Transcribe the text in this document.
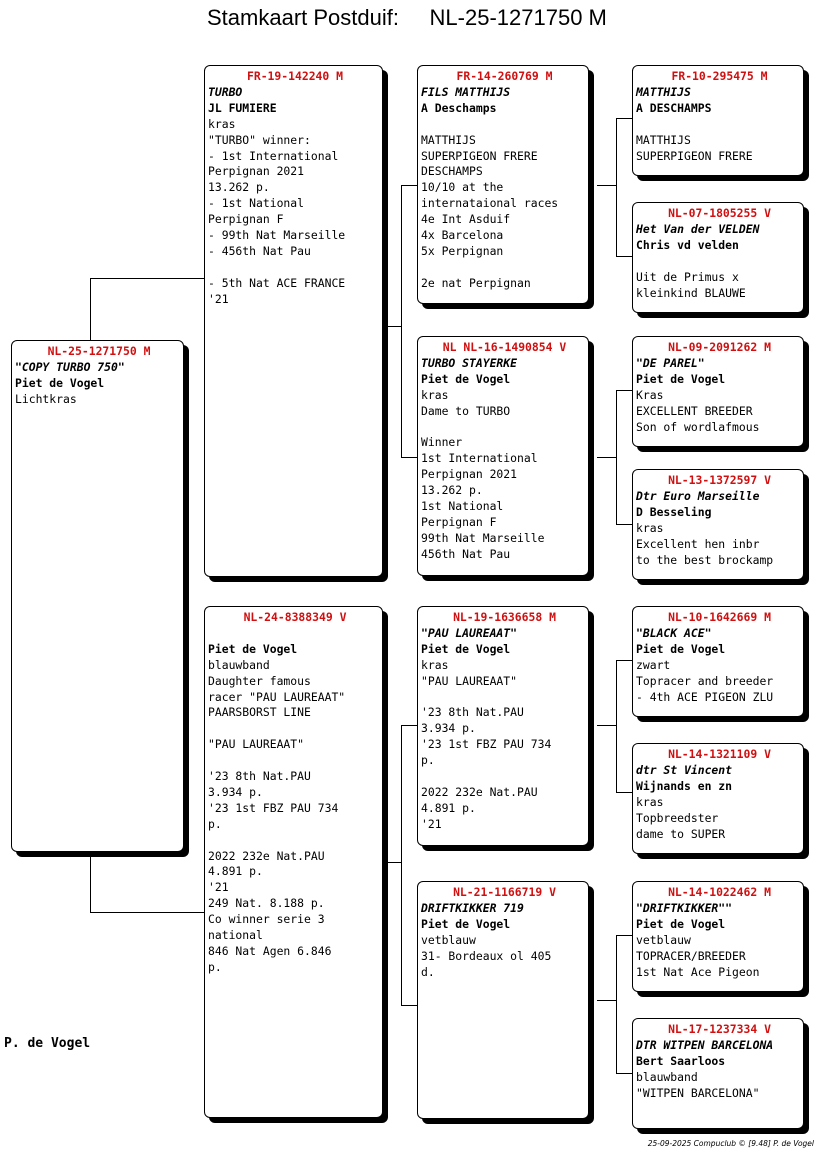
Stamkaart Postduif:     NL-25-1271750 M
NL-25-1271750 M
"COPY TURBO 750"
Piet de Vogel
Lichtkras
FR-19-142240 M
TURBO
JL FUMIERE
kras
"TURBO" winner:
- 1st International
Perpignan 2021
13.262 p.
- 1st National
Perpignan F
- 99th Nat Marseille
- 456th Nat Pau
- 5th Nat ACE FRANCE
'21
NL-24-8388349 V
Piet de Vogel
blauwband
Daughter famous
racer "PAU LAUREAAT"
PAARSBORST LINE
"PAU LAUREAAT"
'23 8th Nat.PAU
3.934 p.
'23 1st FBZ PAU 734
p.
2022 232e Nat.PAU
4.891 p.
'21
249 Nat. 8.188 p.
Co winner serie 3
national
846 Nat Agen 6.846
p.
FR-14-260769 M
FILS MATTHIJS
A Deschamps
MATTHIJS
SUPERPIGEON FRERE
DESCHAMPS
10/10 at the
internataional races
4e Int Asduif
4x Barcelona
5x Perpignan
2e nat Perpignan
NL NL-16-1490854 V
TURBO STAYERKE
Piet de Vogel
kras
Dame to TURBO
Winner
1st International
Perpignan 2021
13.262 p.
1st National
Perpignan F
99th Nat Marseille
456th Nat Pau
NL-19-1636658 M
"PAU LAUREAAT"
Piet de Vogel
kras
"PAU LAUREAAT"
'23 8th Nat.PAU
3.934 p.
'23 1st FBZ PAU 734
p.
2022 232e Nat.PAU
4.891 p.
'21
NL-21-1166719 V
DRIFTKIKKER 719
Piet de Vogel
vetblauw
31- Bordeaux ol 405
d.
FR-10-295475 M
MATTHIJS
A DESCHAMPS
MATTHIJS
SUPERPIGEON FRERE
NL-07-1805255 V
Het Van der VELDEN
Chris vd velden
Uit de Primus x
kleinkind BLAUWE
NL-09-2091262 M
"DE PAREL"
Piet de Vogel
Kras
EXCELLENT BREEDER
Son of wordlafmous
NL-13-1372597 V
Dtr Euro Marseille
D Besseling
kras
Excellent hen inbr
to the best brockamp
NL-10-1642669 M
"BLACK ACE"
Piet de Vogel
zwart
Topracer and breeder
- 4th ACE PIGEON ZLU
NL-14-1321109 V
dtr St Vincent
Wijnands en zn
kras
Topbreedster
dame to SUPER
NL-14-1022462 M
"DRIFTKIKKER""
Piet de Vogel
vetblauw
TOPRACER/BREEDER
1st Nat Ace Pigeon
NL-17-1237334 V
DTR WITPEN BARCELONA
Bert Saarloos
blauwband
"WITPEN BARCELONA"
P. de Vogel
25-09-2025 Compuclub © [9.48] P. de Vogel
